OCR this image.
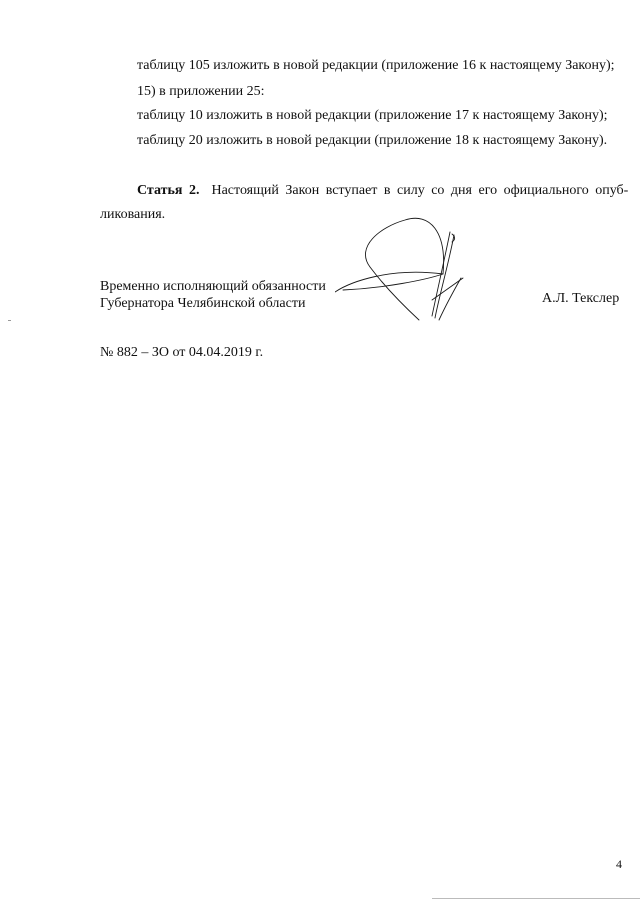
таблицу 105 изложить в новой редакции (приложение 16 к настоящему Закону);
15) в приложении 25:
таблицу 10 изложить в новой редакции (приложение 17 к настоящему Закону);
таблицу 20 изложить в новой редакции (приложение 18 к настоящему Закону).
Статья 2. Настоящий Закон вступает в силу со дня его официального опуб-
ликования.
Временно исполняющий обязанности
Губернатора Челябинской области	А.Л. Текслер
№ 882 – ЗО от 04.04.2019 г.
4
